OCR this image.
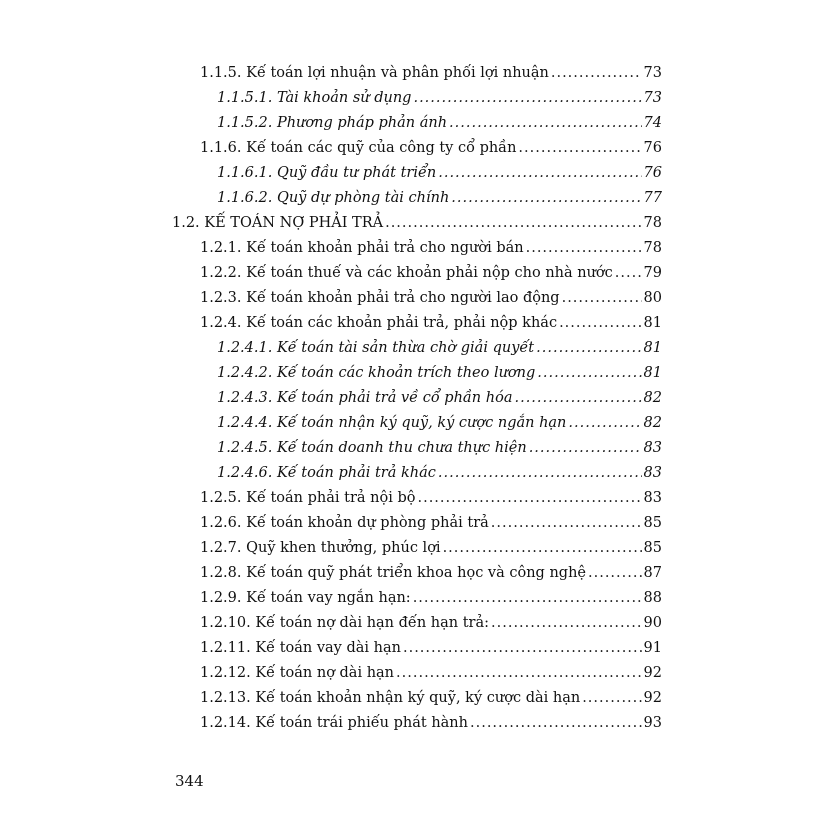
1.1.5. Kế toán lợi nhuận và phân phối lợi nhuận .....	73
1.1.5.1. Tài khoản sử dụng .....	73
1.1.5.2. Phương pháp phản ánh .....	74
1.1.6. Kế toán các quỹ của công ty cổ phần .....	76
1.1.6.1. Quỹ đầu tư phát triển .....	76
1.1.6.2. Quỹ dự phòng tài chính .....	77
1.2. KẾ TOÁN NỢ PHẢI TRẢ .....	78
1.2.1. Kế toán khoản phải trả cho người bán .....	78
1.2.2. Kế toán thuế và các khoản phải nộp cho nhà nước ..... 79
1.2.3. Kế toán khoản phải trả cho người lao động .....	80
1.2.4. Kế toán các khoản phải trả, phải nộp khác .....	81
1.2.4.1. Kế toán tài sản thừa chờ giải quyết .....	81
1.2.4.2. Kế toán các khoản trích theo lương .....	81
1.2.4.3. Kế toán phải trả về cổ phần hóa .....	82
1.2.4.4. Kế toán nhận ký quỹ, ký cược ngắn hạn .....	82
1.2.4.5. Kế toán doanh thu chưa thực hiện .....	83
1.2.4.6. Kế toán phải trả khác .....	83
1.2.5. Kế toán phải trả nội bộ .....	83
1.2.6. Kế toán khoản dự phòng phải trả .....	85
1.2.7. Quỹ khen thưởng, phúc lợi .....	85
1.2.8. Kế toán quỹ phát triển khoa học và công nghệ .....	87
1.2.9. Kế toán vay ngắn hạn: .....	88
1.2.10. Kế toán nợ dài hạn đến hạn trả: .....	90
1.2.11. Kế toán vay dài hạn .....	91
1.2.12. Kế toán nợ dài hạn .....	92
1.2.13. Kế toán khoản nhận ký quỹ, ký cược dài hạn .....	92
1.2.14. Kế toán trái phiếu phát hành .....	93
344
